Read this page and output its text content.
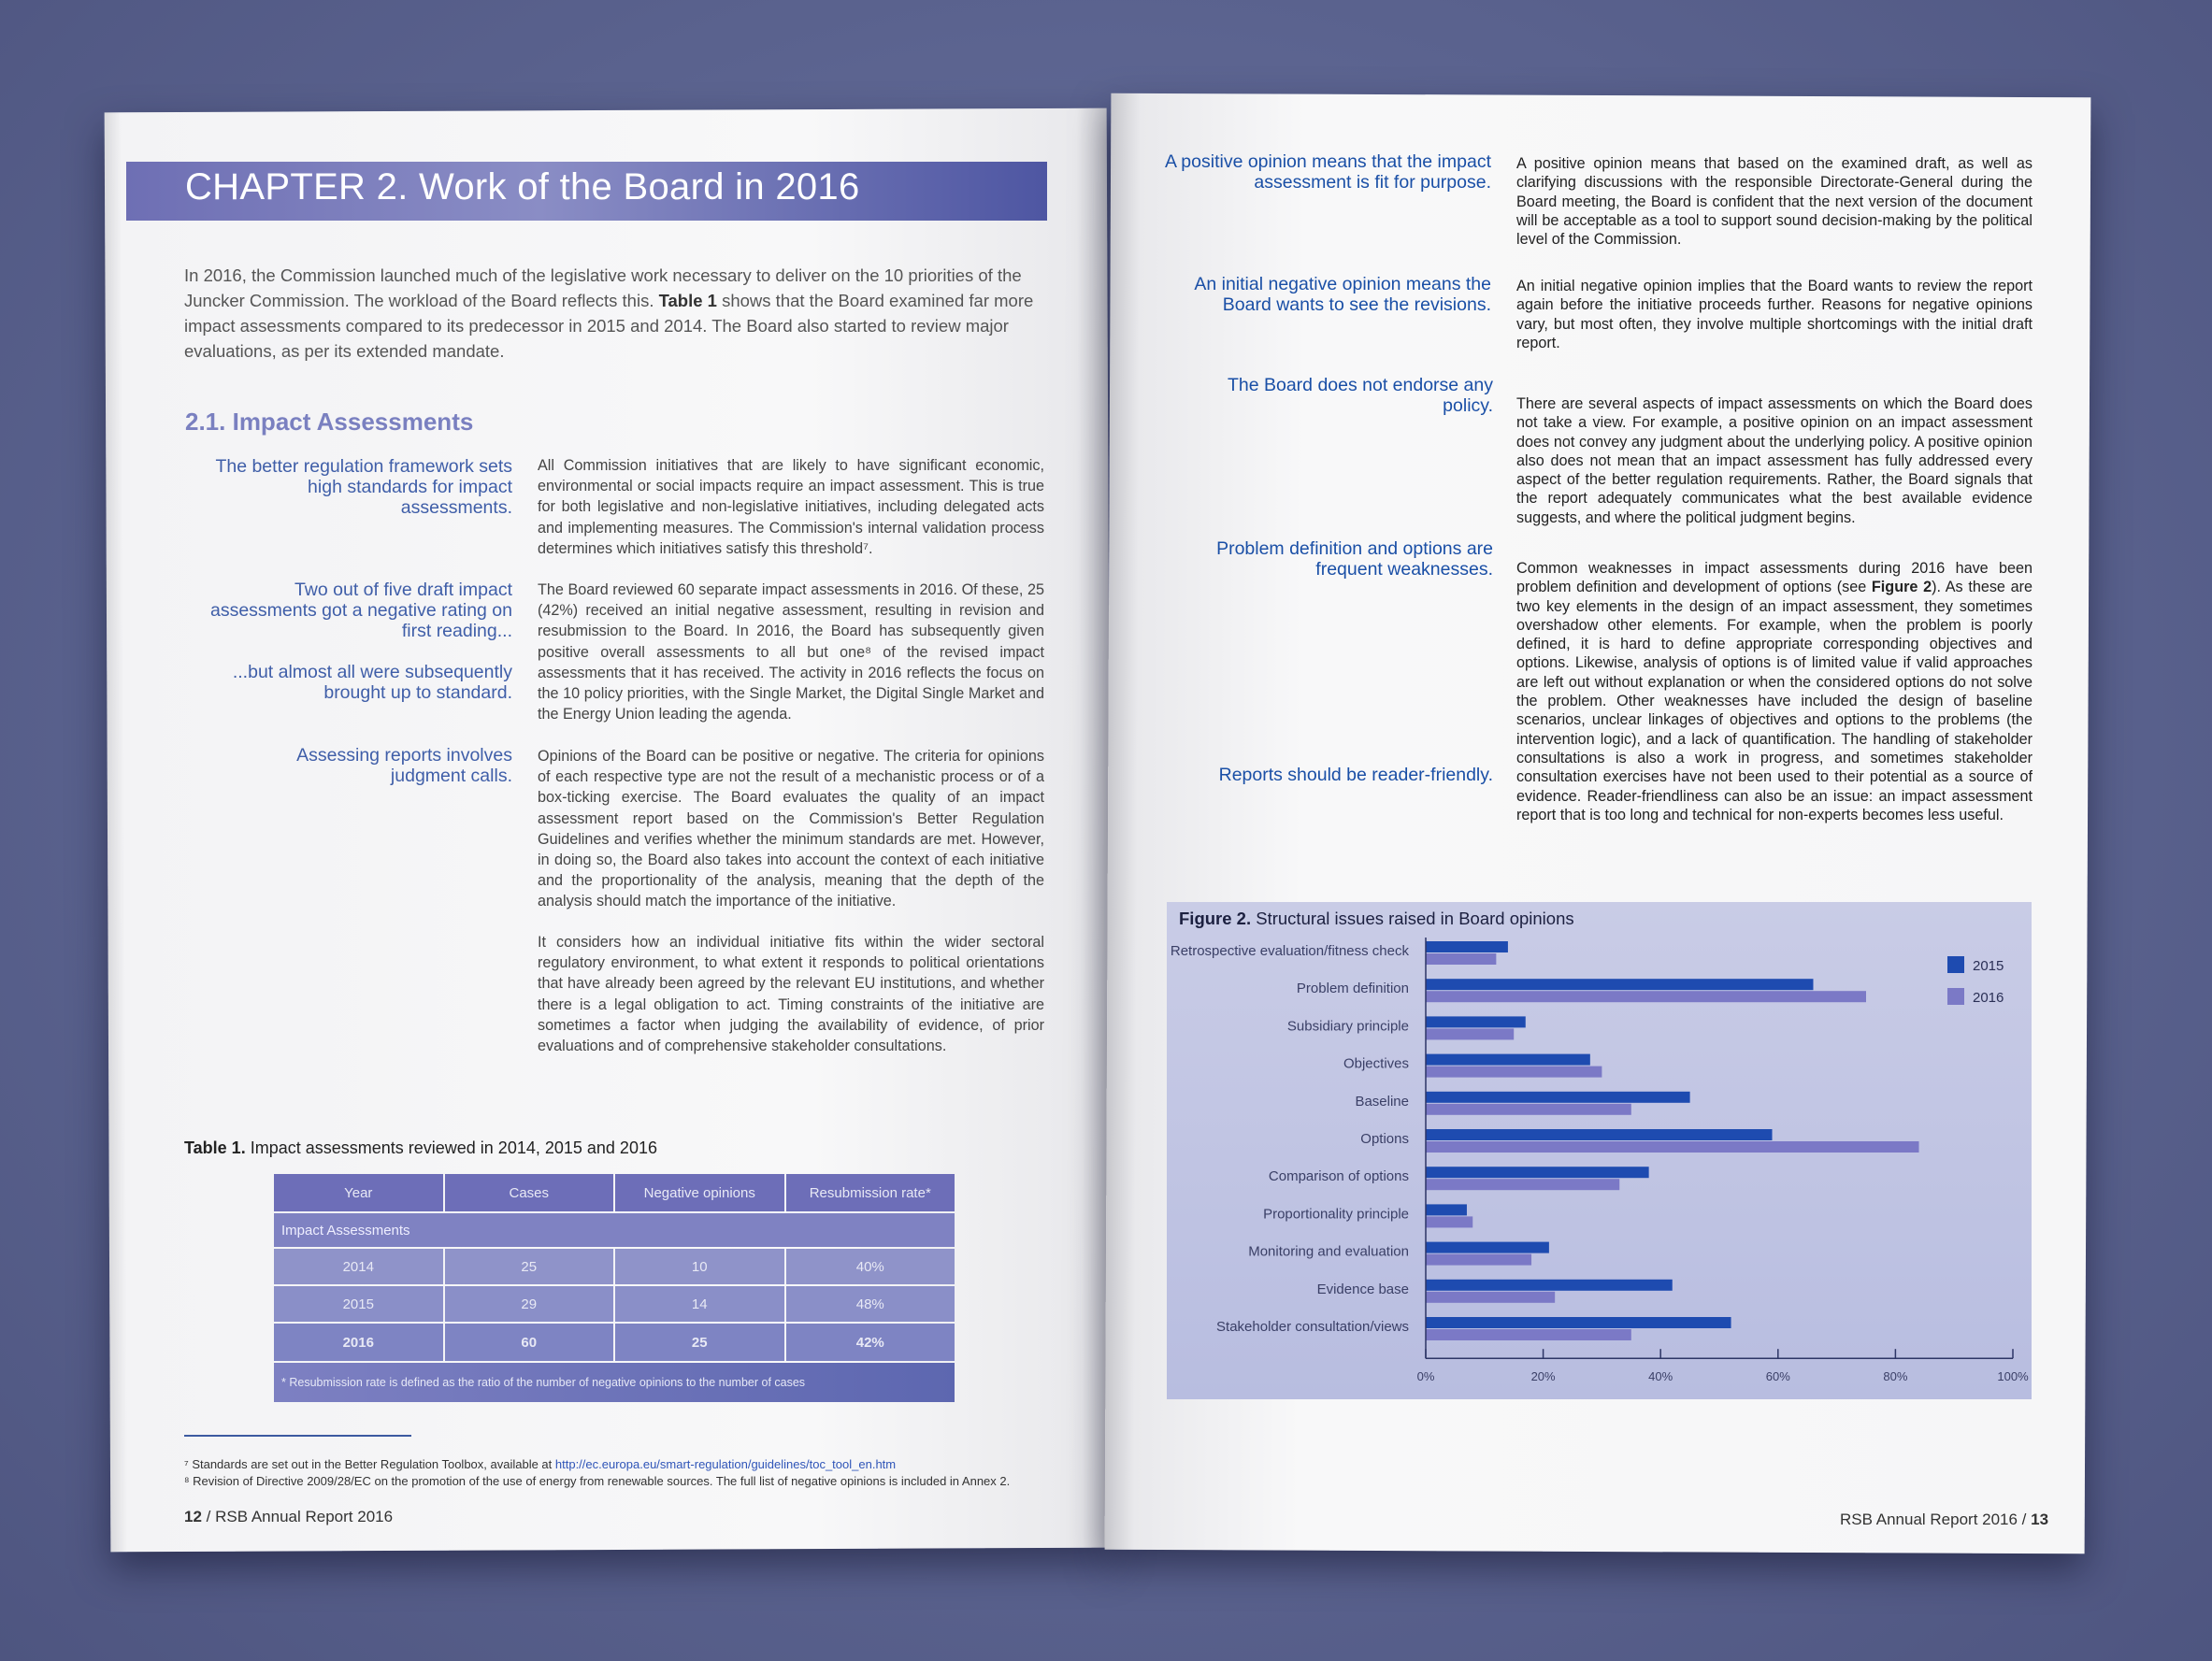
CHAPTER 2. Work of the Board in 2016
In 2016, the Commission launched much of the legislative work necessary to deliver on the 10 priorities of the Juncker Commission. The workload of the Board reflects this. Table 1 shows that the Board examined far more impact assessments compared to its predecessor in 2015 and 2014. The Board also started to review major evaluations, as per its extended mandate.
2.1. Impact Assessments
The better regulation framework sets high standards for impact assessments.
Two out of five draft impact assessments got a negative rating on first reading...
...but almost all were subsequently brought up to standard.
Assessing reports involves judgment calls.
All Commission initiatives that are likely to have significant economic, environmental or social impacts require an impact assessment. This is true for both legislative and non-legislative initiatives, including delegated acts and implementing measures. The Commission's internal validation process determines which initiatives satisfy this threshold⁷.
The Board reviewed 60 separate impact assessments in 2016. Of these, 25 (42%) received an initial negative assessment, resulting in revision and resubmission to the Board. In 2016, the Board has subsequently given positive overall assessments to all but one⁸ of the revised impact assessments that it has received. The activity in 2016 reflects the focus on the 10 policy priorities, with the Single Market, the Digital Single Market and the Energy Union leading the agenda.
Opinions of the Board can be positive or negative. The criteria for opinions of each respective type are not the result of a mechanistic process or of a box-ticking exercise. The Board evaluates the quality of an impact assessment report based on the Commission's Better Regulation Guidelines and verifies whether the minimum standards are met. However, in doing so, the Board also takes into account the context of each initiative and the proportionality of the analysis, meaning that the depth of the analysis should match the importance of the initiative.
It considers how an individual initiative fits within the wider sectoral regulatory environment, to what extent it responds to political orientations that have already been agreed by the relevant EU institutions, and whether there is a legal obligation to act. Timing constraints of the initiative are sometimes a factor when judging the availability of evidence, of prior evaluations and of comprehensive stakeholder consultations.
Table 1. Impact assessments reviewed in 2014, 2015 and 2016
Year	Cases	Negative opinions	Resubmission rate*
Impact Assessments
2014	25	10	40%
2015	29	14	48%
2016	60	25	42%
* Resubmission rate is defined as the ratio of the number of negative opinions to the number of cases
⁷ Standards are set out in the Better Regulation Toolbox, available at http://ec.europa.eu/smart-regulation/guidelines/toc_tool_en.htm
⁸ Revision of Directive 2009/28/EC on the promotion of the use of energy from renewable sources. The full list of negative opinions is included in Annex 2.
12 / RSB Annual Report 2016
A positive opinion means that the impact assessment is fit for purpose.
An initial negative opinion means the Board wants to see the revisions.
The Board does not endorse any policy.
Problem definition and options are frequent weaknesses.
Reports should be reader-friendly.
A positive opinion means that based on the examined draft, as well as clarifying discussions with the responsible Directorate-General during the Board meeting, the Board is confident that the next version of the document will be acceptable as a tool to support sound decision-making by the political level of the Commission.
An initial negative opinion implies that the Board wants to review the report again before the initiative proceeds further. Reasons for negative opinions vary, but most often, they involve multiple shortcomings with the initial draft report.
There are several aspects of impact assessments on which the Board does not take a view. For example, a positive opinion on an impact assessment does not convey any judgment about the underlying policy. A positive opinion also does not mean that an impact assessment has fully addressed every aspect of the better regulation requirements. Rather, the Board signals that the report adequately communicates what the best available evidence suggests, and where the political judgment begins.
Common weaknesses in impact assessments during 2016 have been problem definition and development of options (see Figure 2). As these are two key elements in the design of an impact assessment, they sometimes overshadow other elements. For example, when the problem is poorly defined, it is hard to define appropriate corresponding objectives and options. Likewise, analysis of options is of limited value if valid approaches are left out without explanation or when the considered options do not solve the problem. Other weaknesses have included the design of baseline scenarios, unclear linkages of objectives and options to the problems (the intervention logic), and a lack of quantification. The handling of stakeholder consultations is also a work in progress, and sometimes stakeholder consultation exercises have not been used to their potential as a source of evidence. Reader-friendliness can also be an issue: an impact assessment report that is too long and technical for non-experts becomes less useful.
Figure 2. Structural issues raised in Board opinions
Retrospective evaluation/fitness check
Problem definition
Subsidiary principle
Objectives
Baseline
Options
Comparison of options
Proportionality principle
Monitoring and evaluation
Evidence base
Stakeholder consultation/views
0%	20%	40%	60%	80%	100%
2015
2016
RSB Annual Report 2016 / 13
